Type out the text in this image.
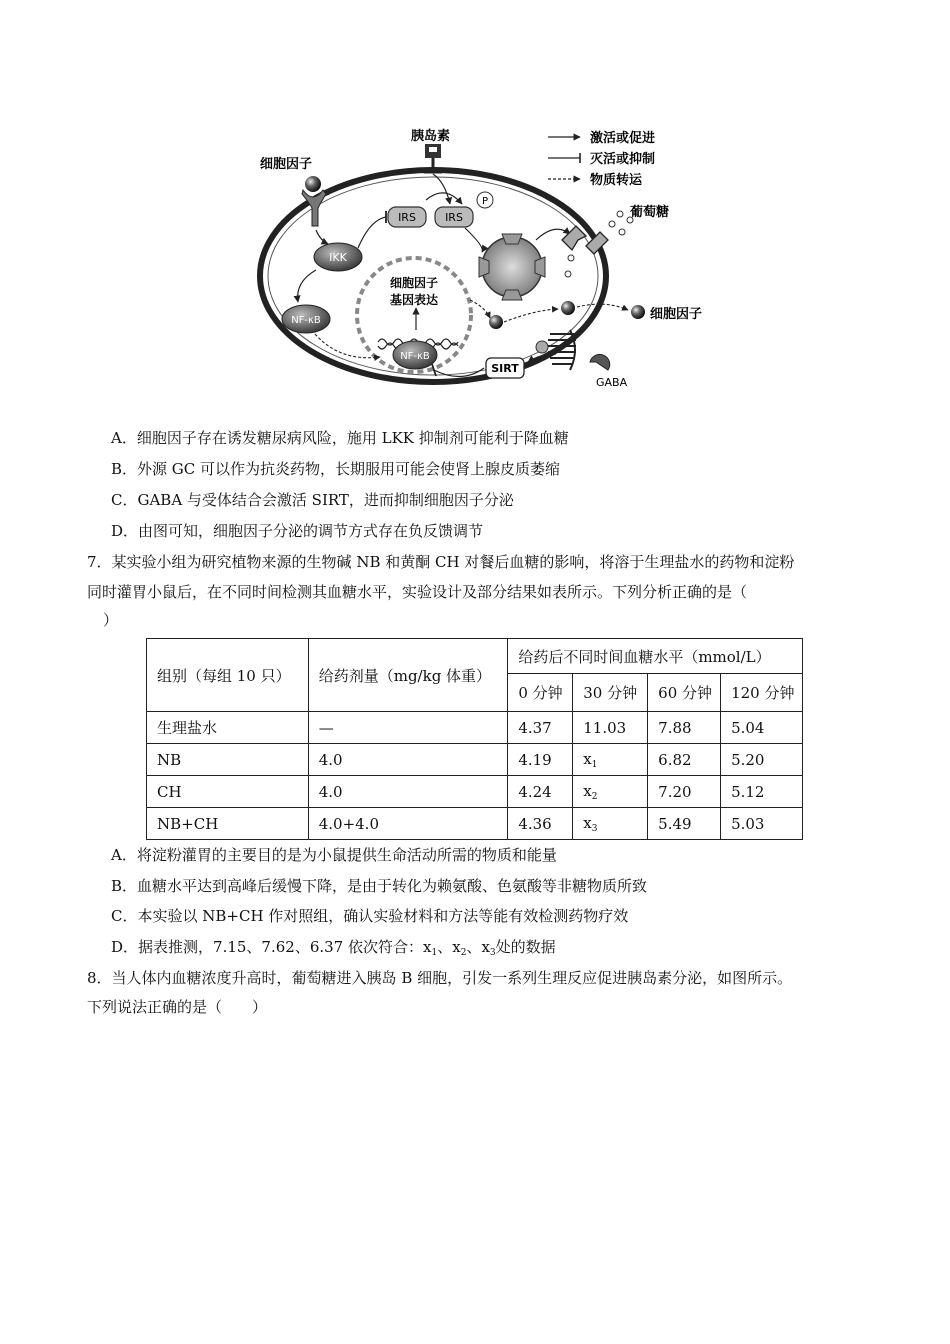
胰岛素
细胞因子
激活或促进
灭活或抑制
物质转运
IRS	IRS
P
葡萄糖
细胞因子
IKK
NF-κB
NF-κB
细胞因子
基因表达
SIRT
GABA
A．细胞因子存在诱发糖尿病风险，施用 LKK 抑制剂可能利于降血糖
B．外源 GC 可以作为抗炎药物，长期服用可能会使肾上腺皮质萎缩
C．GABA 与受体结合会激活 SIRT，进而抑制细胞因子分泌
D．由图可知，细胞因子分泌的调节方式存在负反馈调节
7．某实验小组为研究植物来源的生物碱 NB 和黄酮 CH 对餐后血糖的影响，将溶于生理盐水的药物和淀粉
同时灌胃小鼠后，在不同时间检测其血糖水平，实验设计及部分结果如表所示。下列分析正确的是（
）
组别（每组 10 只）	给药剂量（mg/kg 体重）	给药后不同时间血糖水平（mmol/L）			
		0 分钟	30 分钟	60 分钟	120 分钟
生理盐水	—	4.37	11.03	7.88	5.04
NB	4.0	4.19	$x_1$	6.82	5.20
CH	4.0	4.24	$x_2$	7.20	5.12
NB+CH	4.0+4.0	4.36	$x_3$	5.49	5.03
A．将淀粉灌胃的主要目的是为小鼠提供生命活动所需的物质和能量
B．血糖水平达到高峰后缓慢下降，是由于转化为赖氨酸、色氨酸等非糖物质所致
C．本实验以 NB+CH 作对照组，确认实验材料和方法等能有效检测药物疗效
D．据表推测，7.15、7.62、6.37 依次符合：$x_1$、$x_2$、$x_3$处的数据
8．当人体内血糖浓度升高时，葡萄糖进入胰岛 B 细胞，引发一系列生理反应促进胰岛素分泌，如图所示。
下列说法正确的是（　　）
